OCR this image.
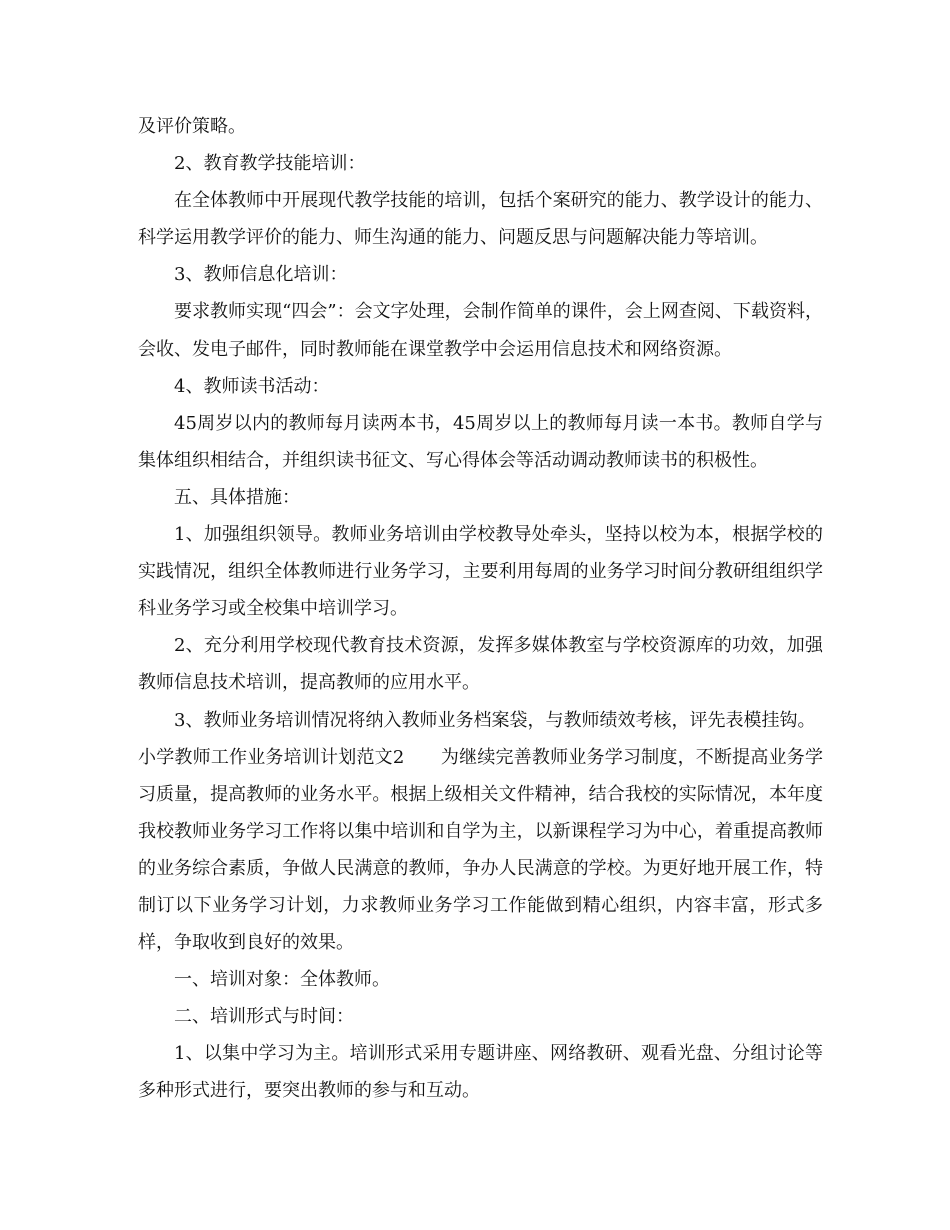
及评价策略。

2、教育教学技能培训：

在全体教师中开展现代教学技能的培训，包括个案研究的能力、教学设计的能力、科学运用教学评价的能力、师生沟通的能力、问题反思与问题解决能力等培训。

3、教师信息化培训：

要求教师实现“四会”：会文字处理，会制作简单的课件，会上网查阅、下载资料，会收、发电子邮件，同时教师能在课堂教学中会运用信息技术和网络资源。

4、教师读书活动：

45周岁以内的教师每月读两本书，45周岁以上的教师每月读一本书。教师自学与集体组织相结合，并组织读书征文、写心得体会等活动调动教师读书的积极性。

五、具体措施：

1、加强组织领导。教师业务培训由学校教导处牵头，坚持以校为本，根据学校的实践情况，组织全体教师进行业务学习，主要利用每周的业务学习时间分教研组组织学科业务学习或全校集中培训学习。

2、充分利用学校现代教育技术资源，发挥多媒体教室与学校资源库的功效，加强教师信息技术培训，提高教师的应用水平。

3、教师业务培训情况将纳入教师业务档案袋，与教师绩效考核，评先表模挂钩。

小学教师工作业务培训计划范文2　　为继续完善教师业务学习制度，不断提高业务学习质量，提高教师的业务水平。根据上级相关文件精神，结合我校的实际情况，本年度我校教师业务学习工作将以集中培训和自学为主，以新课程学习为中心，着重提高教师的业务综合素质，争做人民满意的教师，争办人民满意的学校。为更好地开展工作，特制订以下业务学习计划，力求教师业务学习工作能做到精心组织，内容丰富，形式多样，争取收到良好的效果。

一、培训对象：全体教师。

二、培训形式与时间：

1、以集中学习为主。培训形式采用专题讲座、网络教研、观看光盘、分组讨论等多种形式进行，要突出教师的参与和互动。
